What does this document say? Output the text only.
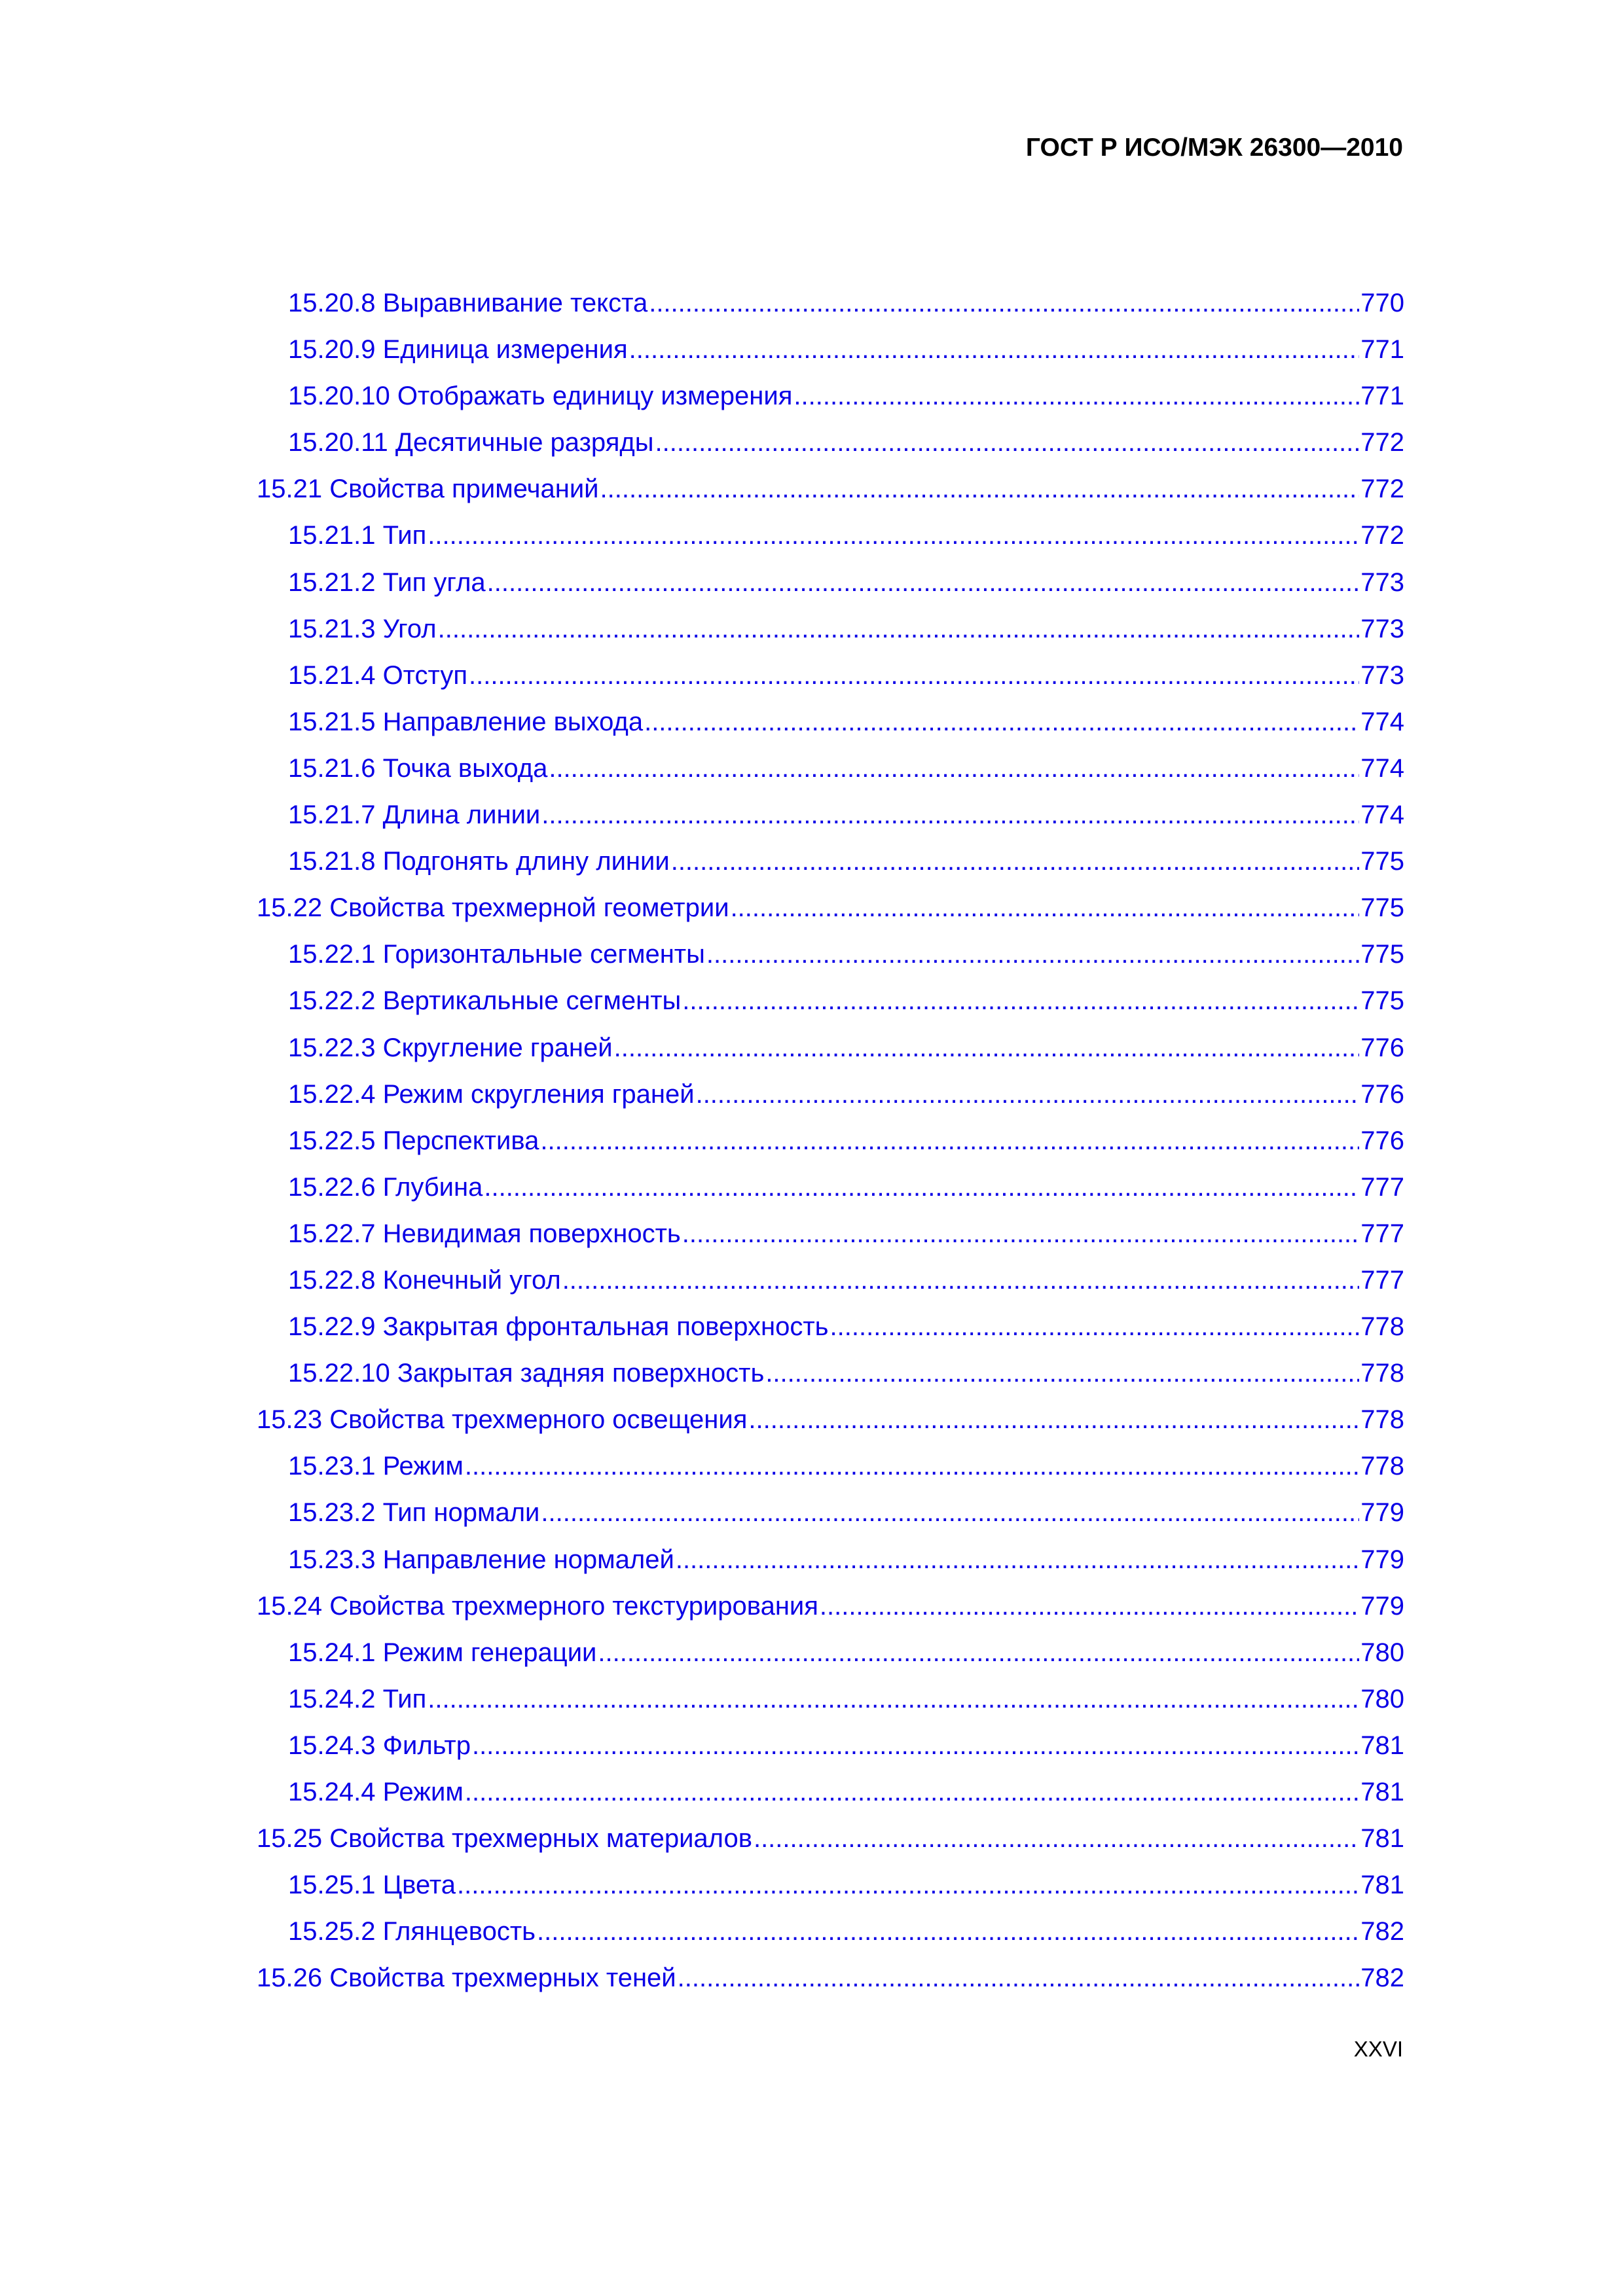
ГОСТ Р ИСО/МЭК 26300—2010
15.20.8 Выравнивание текста .....	770
15.20.9 Единица измерения .....	771
15.20.10 Отображать единицу измерения .....	771
15.20.11 Десятичные разряды .....	772
15.21 Свойства примечаний .....	772
15.21.1 Тип .....	772
15.21.2 Тип угла .....	773
15.21.3 Угол .....	773
15.21.4 Отступ .....	773
15.21.5 Направление выхода .....	774
15.21.6 Точка выхода .....	774
15.21.7 Длина линии .....	774
15.21.8 Подгонять длину линии .....	775
15.22 Свойства трехмерной геометрии .....	775
15.22.1 Горизонтальные сегменты .....	775
15.22.2 Вертикальные сегменты .....	775
15.22.3 Скругление граней .....	776
15.22.4 Режим скругления граней .....	776
15.22.5 Перспектива .....	776
15.22.6 Глубина .....	777
15.22.7 Невидимая поверхность .....	777
15.22.8 Конечный угол .....	777
15.22.9 Закрытая фронтальная поверхность .....	778
15.22.10 Закрытая задняя поверхность .....	778
15.23 Свойства трехмерного освещения .....	778
15.23.1 Режим .....	778
15.23.2 Тип нормали .....	779
15.23.3 Направление нормалей .....	779
15.24 Свойства трехмерного текстурирования .....	779
15.24.1 Режим генерации .....	780
15.24.2 Тип .....	780
15.24.3 Фильтр .....	781
15.24.4 Режим .....	781
15.25 Свойства трехмерных материалов .....	781
15.25.1 Цвета .....	781
15.25.2 Глянцевость .....	782
15.26 Свойства трехмерных теней .....	782
XXVI
